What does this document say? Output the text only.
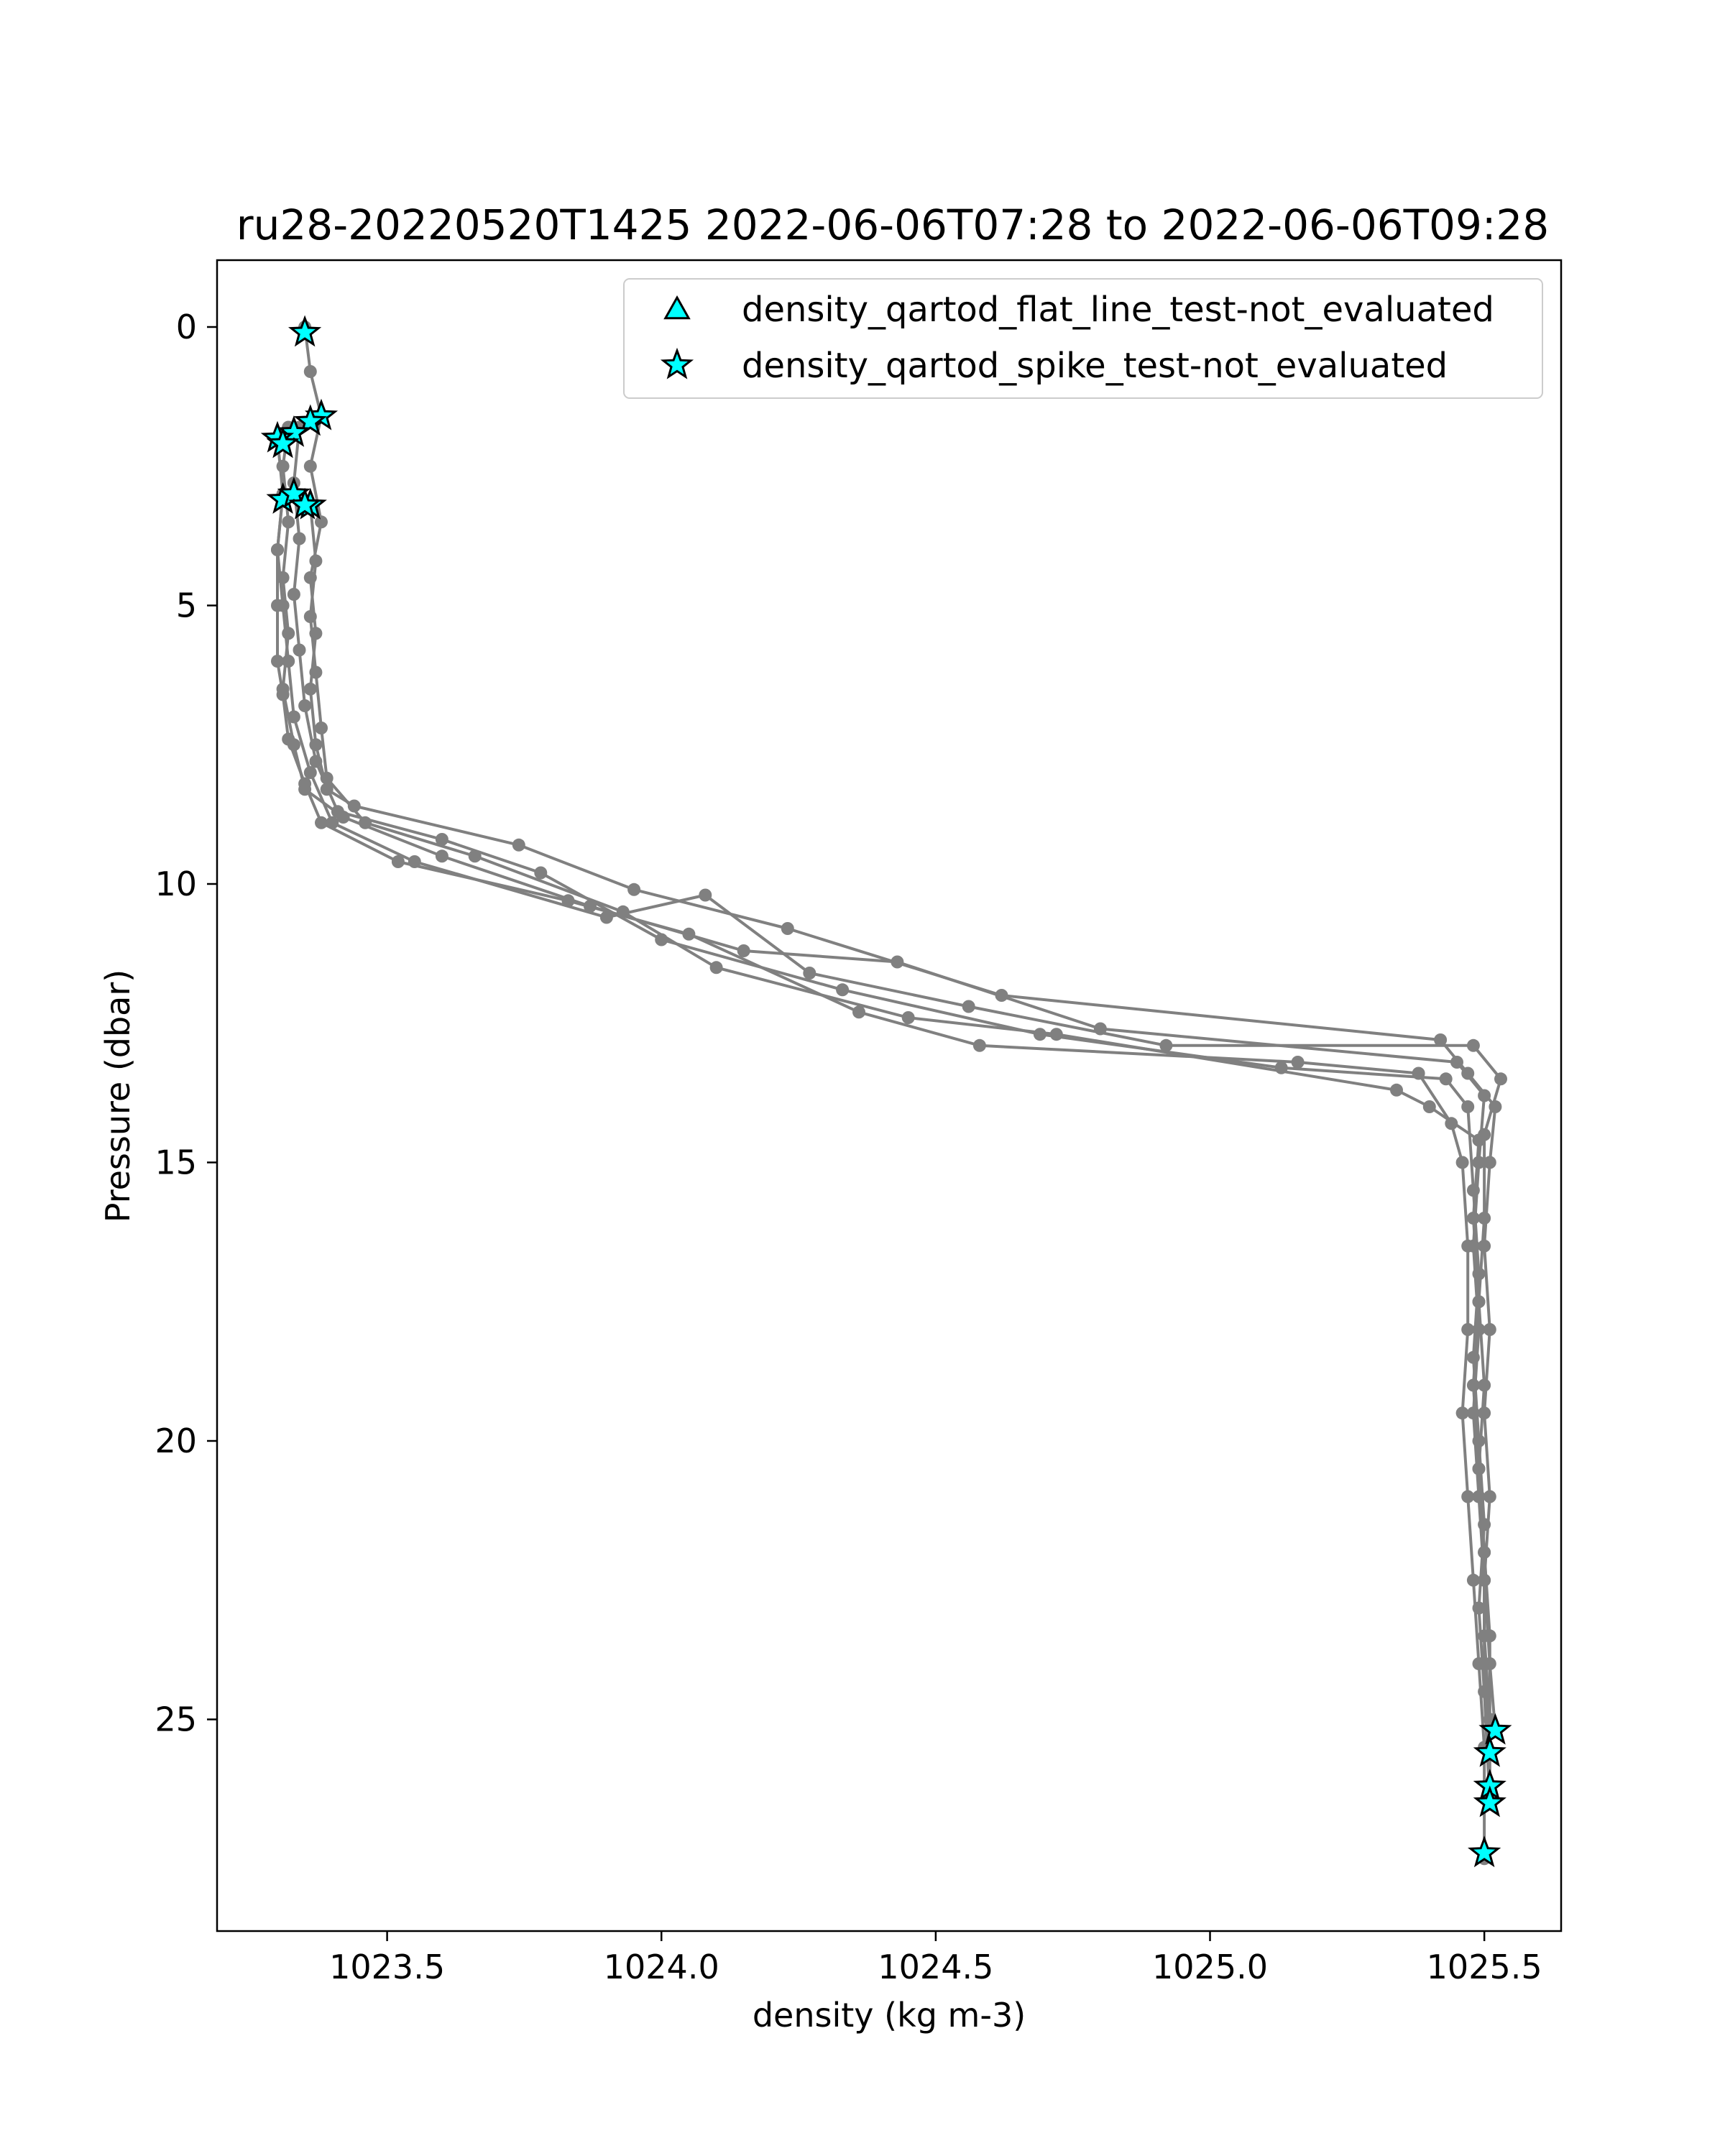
ru28-20220520T1425 2022-06-06T07:28 to 2022-06-06T09:28
1023.5	1024.0	1024.5	1025.0	1025.5
0
5
10
15
20
25
density (kg m-3)
Pressure (dbar)
density_qartod_flat_line_test-not_evaluated
density_qartod_spike_test-not_evaluated
